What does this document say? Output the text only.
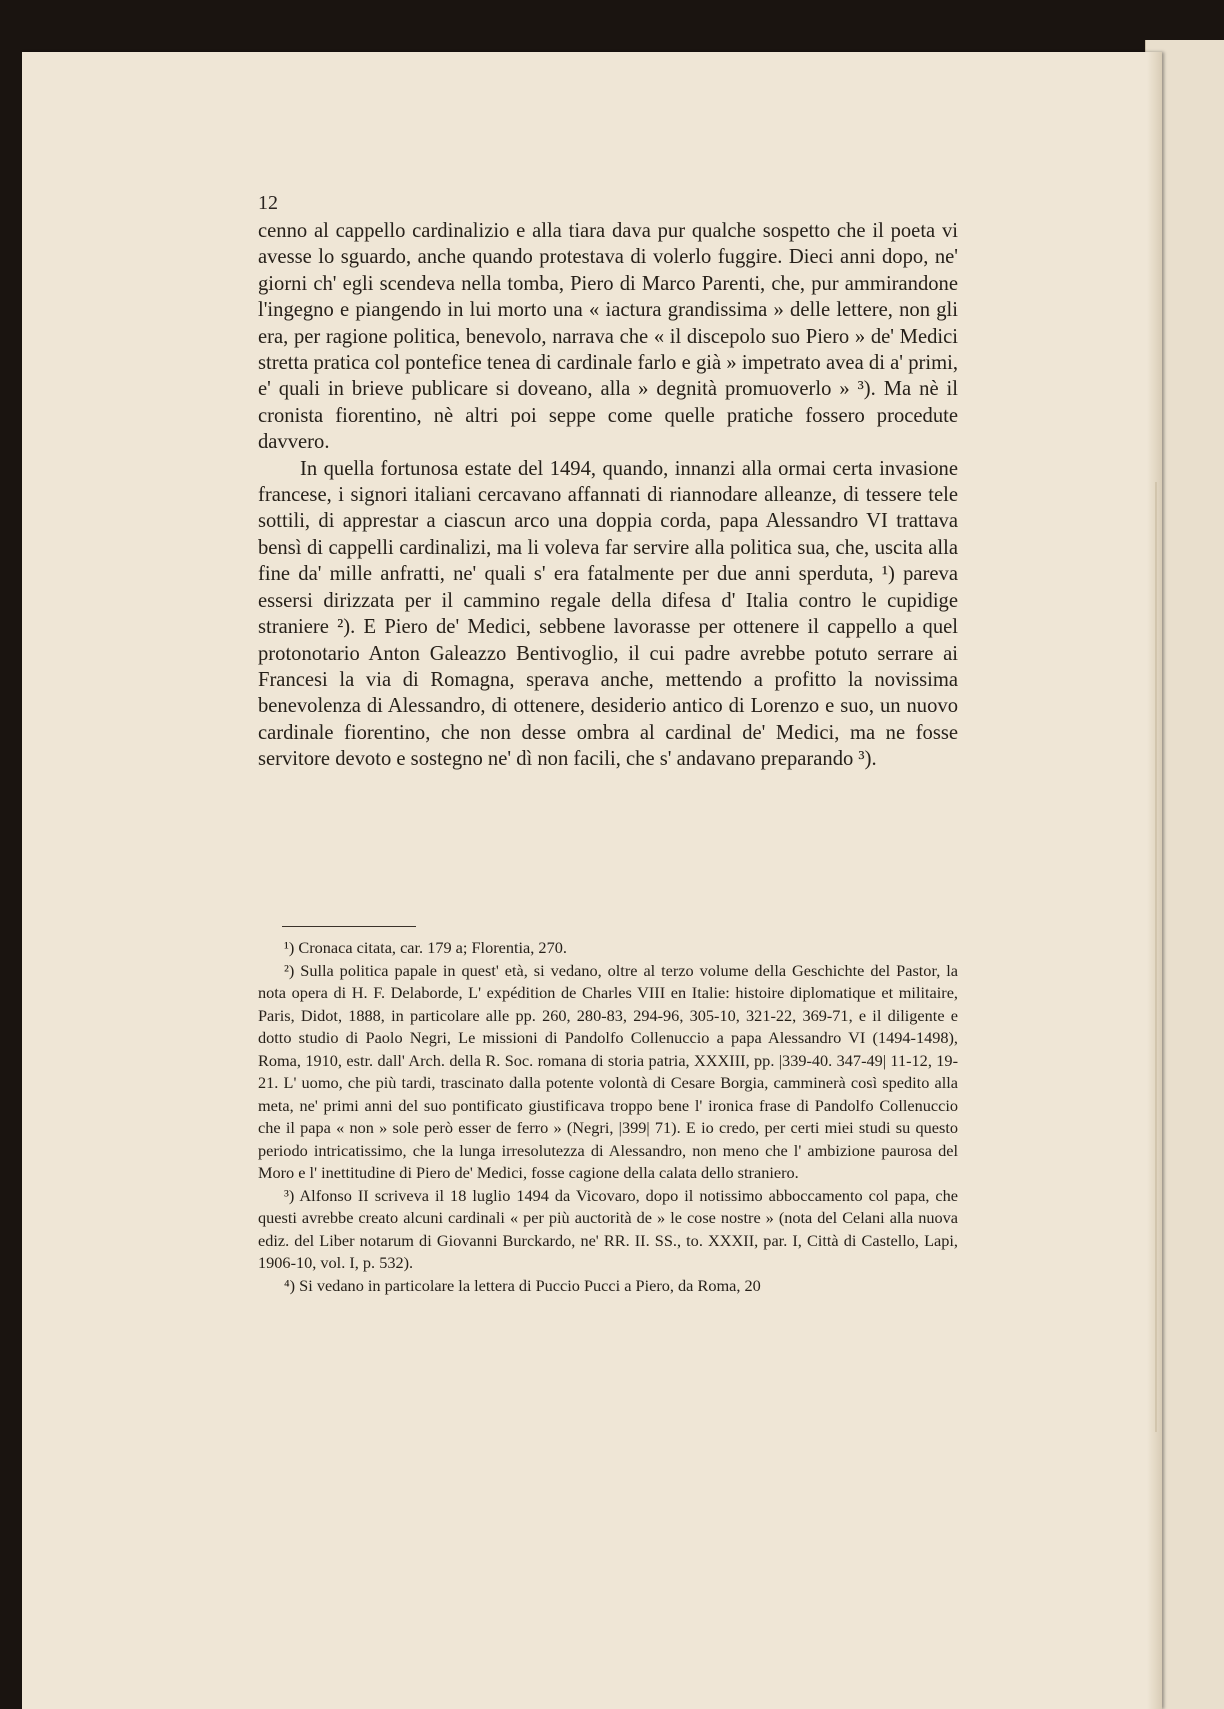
12

cenno al cappello cardinalizio e alla tiara dava pur qualche sospetto che il poeta vi avesse lo sguardo, anche quando protestava di volerlo fuggire. Dieci anni dopo, ne' giorni ch' egli scendeva nella tomba, Piero di Marco Parenti, che, pur ammirandone l'ingegno e piangendo in lui morto una « iactura grandissima » delle lettere, non gli era, per ragione politica, benevolo, narrava che « il discepolo suo Piero » de' Medici stretta pratica col pontefice tenea di cardinale farlo e già » impetrato avea di a' primi, e' quali in brieve publicare si doveano, alla » degnità promuoverlo » ³). Ma nè il cronista fiorentino, nè altri poi seppe come quelle pratiche fossero procedute davvero.

In quella fortunosa estate del 1494, quando, innanzi alla ormai certa invasione francese, i signori italiani cercavano affannati di riannodare alleanze, di tessere tele sottili, di apprestar a ciascun arco una doppia corda, papa Alessandro VI trattava bensì di cappelli cardinalizi, ma li voleva far servire alla politica sua, che, uscita alla fine da' mille anfratti, ne' quali s' era fatalmente per due anni sperduta, ¹) pareva essersi dirizzata per il cammino regale della difesa d' Italia contro le cupidige straniere ²). E Piero de' Medici, sebbene lavorasse per ottenere il cappello a quel protonotario Anton Galeazzo Bentivoglio, il cui padre avrebbe potuto serrare ai Francesi la via di Romagna, sperava anche, mettendo a profitto la novissima benevolenza di Alessandro, di ottenere, desiderio antico di Lorenzo e suo, un nuovo cardinale fiorentino, che non desse ombra al cardinal de' Medici, ma ne fosse servitore devoto e sostegno ne' dì non facili, che s' andavano preparando ³).

¹) Cronaca citata, car. 179 a; Florentia, 270.

²) Sulla politica papale in quest' età, si vedano, oltre al terzo volume della Geschichte del Pastor, la nota opera di H. F. Delaborde, L' expédition de Charles VIII en Italie: histoire diplomatique et militaire, Paris, Didot, 1888, in particolare alle pp. 260, 280-83, 294-96, 305-10, 321-22, 369-71, e il diligente e dotto studio di Paolo Negri, Le missioni di Pandolfo Collenuccio a papa Alessandro VI (1494-1498), Roma, 1910, estr. dall' Arch. della R. Soc. romana di storia patria, XXXIII, pp. |339-40. 347-49| 11-12, 19-21. L' uomo, che più tardi, trascinato dalla potente volontà di Cesare Borgia, camminerà così spedito alla meta, ne' primi anni del suo pontificato giustificava troppo bene l' ironica frase di Pandolfo Collenuccio che il papa « non » sole però esser de ferro » (Negri, |399| 71). E io credo, per certi miei studi su questo periodo intricatissimo, che la lunga irresolutezza di Alessandro, non meno che l' ambizione paurosa del Moro e l' inettitudine di Piero de' Medici, fosse cagione della calata dello straniero.

³) Alfonso II scriveva il 18 luglio 1494 da Vicovaro, dopo il notissimo abboccamento col papa, che questi avrebbe creato alcuni cardinali « per più auctorità de » le cose nostre » (nota del Celani alla nuova ediz. del Liber notarum di Giovanni Burckardo, ne' RR. II. SS., to. XXXII, par. I, Città di Castello, Lapi, 1906-10, vol. I, p. 532).

⁴) Si vedano in particolare la lettera di Puccio Pucci a Piero, da Roma, 20
